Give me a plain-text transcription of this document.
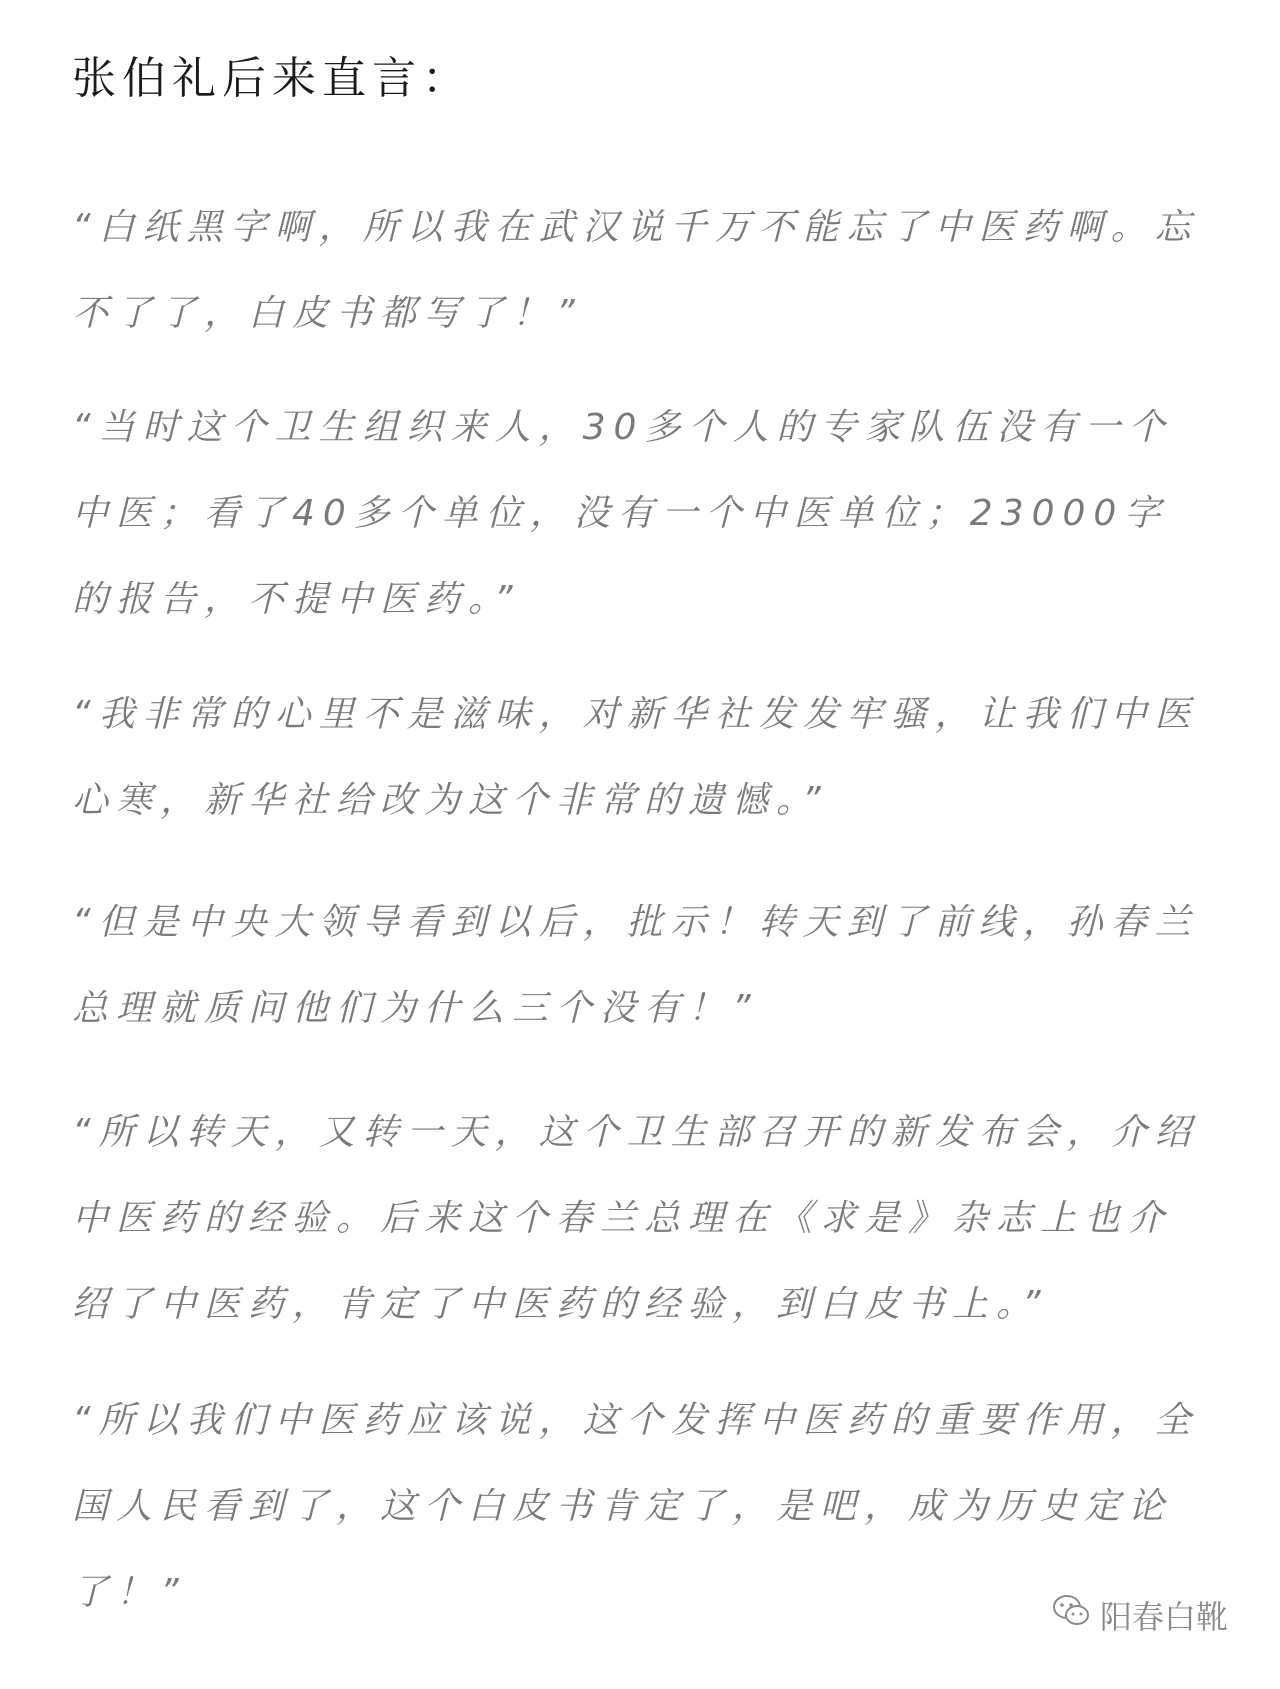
张伯礼后来直言：

“白纸黑字啊，所以我在武汉说千万不能忘了中医药啊。忘不了了，白皮书都写了！”

“当时这个卫生组织来人，30多个人的专家队伍没有一个中医；看了40多个单位，没有一个中医单位；23000字的报告，不提中医药。”

“我非常的心里不是滋味，对新华社发发牢骚，让我们中医心寒，新华社给改为这个非常的遗憾。”

“但是中央大领导看到以后，批示！转天到了前线，孙春兰总理就质问他们为什么三个没有！”

“所以转天，又转一天，这个卫生部召开的新发布会，介绍中医药的经验。后来这个春兰总理在《求是》杂志上也介绍了中医药，肯定了中医药的经验，到白皮书上。”

“所以我们中医药应该说，这个发挥中医药的重要作用，全国人民看到了，这个白皮书肯定了，是吧，成为历史定论了！”

阳春白靴
